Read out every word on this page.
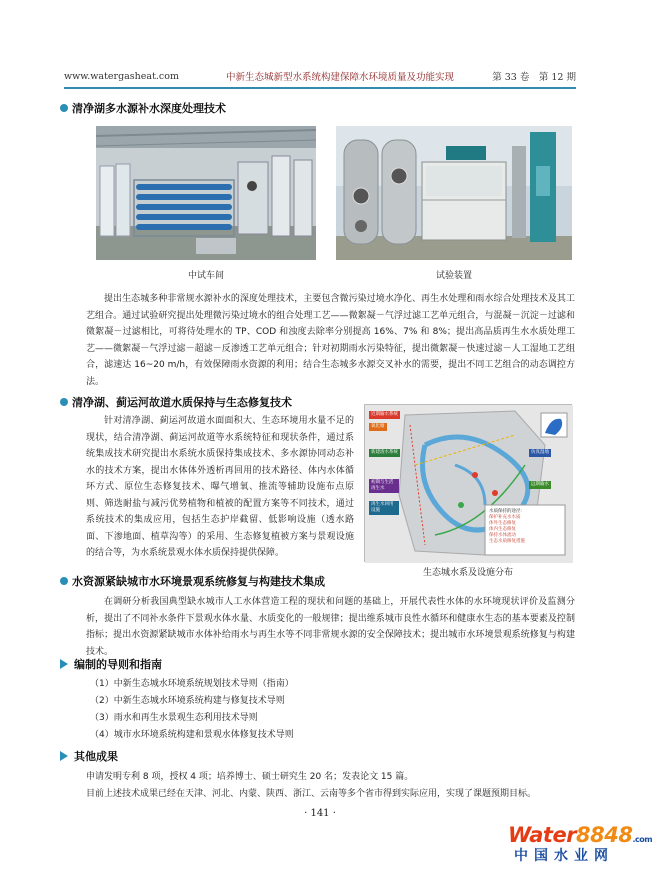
www.watergasheat.com	中新生态城新型水系统构建保障水环境质量及功能实现	第 33 卷　第 12 期
清净湖多水源补水深度处理技术
中试车间	试验装置

提出生态城多种非常规水源补水的深度处理技术，主要包含微污染过境水净化、再生水处理和雨水综合处理技术及其工艺组合。通过试验研究提出处理微污染过境水的组合处理工艺——微絮凝－气浮过滤工艺单元组合，与混凝－沉淀－过滤和微絮凝－过滤相比，可将待处理水的 TP、COD 和浊度去除率分别提高 16%、7% 和 8%；提出高品质再生水水质处理工艺——微絮凝－气浮过滤－超滤－反渗透工艺单元组合；针对初期雨水污染特征，提出微絮凝－快速过滤－人工湿地工艺组合，滤速达 16~20 m/h，有效保障雨水资源的利用；结合生态城多水源交叉补水的需要，提出不同工艺组合的动态调控方法。

清净湖、蓟运河故道水质保持与生态修复技术

针对清净湖、蓟运河故道水面面积大、生态环境用水量不足的现状，结合清净湖、蓟运河故道等水系统特征和现状条件，通过系统集成技术研究提出水系统水质保持集成技术、多水源协同动态补水的技术方案，提出水体体外透析再回用的技术路径、体内水体循环方式、原位生态修复技术、曝气增氧、推流等辅助设施布点原则、筛选耐盐与减污优势植物和植被的配置方案等不同技术，通过系统技术的集成应用，包括生态护岸截留、低影响设施（透水路面、下渗地面、植草沟等）的采用、生态修复植被方案与景观设施的结合等，为水系统景观水体水质保持提供保障。

近期输水系统
氧化塘
新建渣水系统	仿真湿地
初期与生活再生水
再生水回用设施
远期输水
水质保持的途径：
保护补充水水质
体外生态修复
体内生态修复
保持水体流动
生态水质修复措施
生态城水系及设施分布
水资源紧缺城市水环境景观系统修复与构建技术集成

在调研分析我国典型缺水城市人工水体营造工程的现状和问题的基础上，开展代表性水体的水环境现状评价及监测分析，提出了不同补水条件下景观水体水量、水质变化的一般规律；提出维系城市良性水循环和健康水生态的基本要素及控制指标；提出水资源紧缺城市水体补给雨水与再生水等不同非常规水源的安全保障技术；提出城市水环境景观系统修复与构建技术。

编制的导则和指南
（1）中新生态城水环境系统规划技术导则（指南）
（2）中新生态城水环境系统构建与修复技术导则
（3）雨水和再生水景观生态利用技术导则
（4）城市水环境系统构建和景观水体修复技术导则
其他成果
申请发明专利 8 项，授权 4 项；培养博士、硕士研究生 20 名；发表论文 15 篇。
目前上述技术成果已经在天津、河北、内蒙、陕西、浙江、云南等多个省市得到实际应用，实现了课题预期目标。
· 141 ·
Water8848.com
中国水业网
